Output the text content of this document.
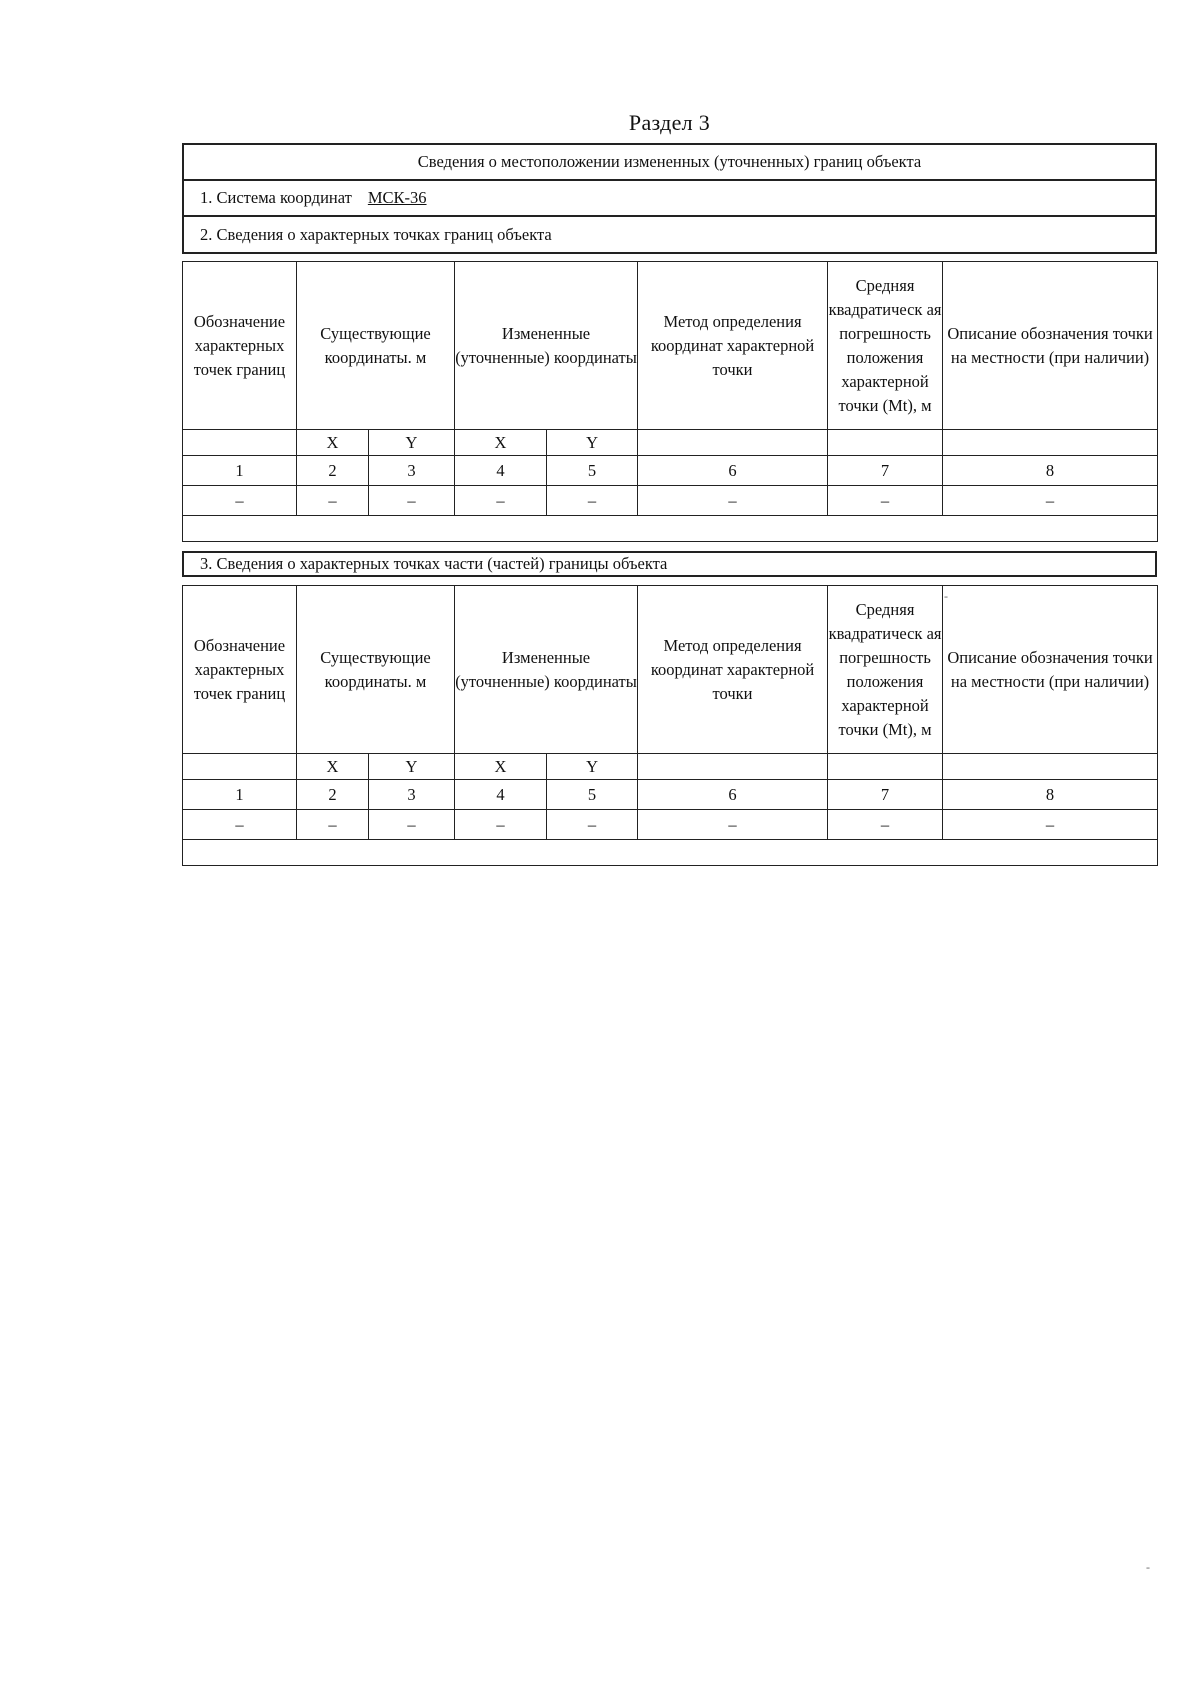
Раздел 3
Сведения о местоположении измененных (уточненных) границ объекта
1. Система координат МСК-36
2. Сведения о характерных точках границ объекта
Обозначение характерных точек границ	Существующие координаты. м		Измененные (уточненные) координаты		Метод определения координат характерной точки	Средняя квадратическ ая погрешность положения характерной точки (Mt), м	Описание обозначения точки на местности (при наличии)
	X	Y	X	Y			
1	2	3	4	5	6	7	8
–	–	–	–	–	–	–	–

3. Сведения о характерных точках части (частей) границы объекта
Обозначение характерных точек границ	Существующие координаты. м		Измененные (уточненные) координаты		Метод определения координат характерной точки	Средняя квадратическ ая погрешность положения характерной точки (Mt), м	Описание обозначения точки на местности (при наличии)
	X	Y	X	Y			
1	2	3	4	5	6	7	8
–	–	–	–	–	–	–	–

-
-
